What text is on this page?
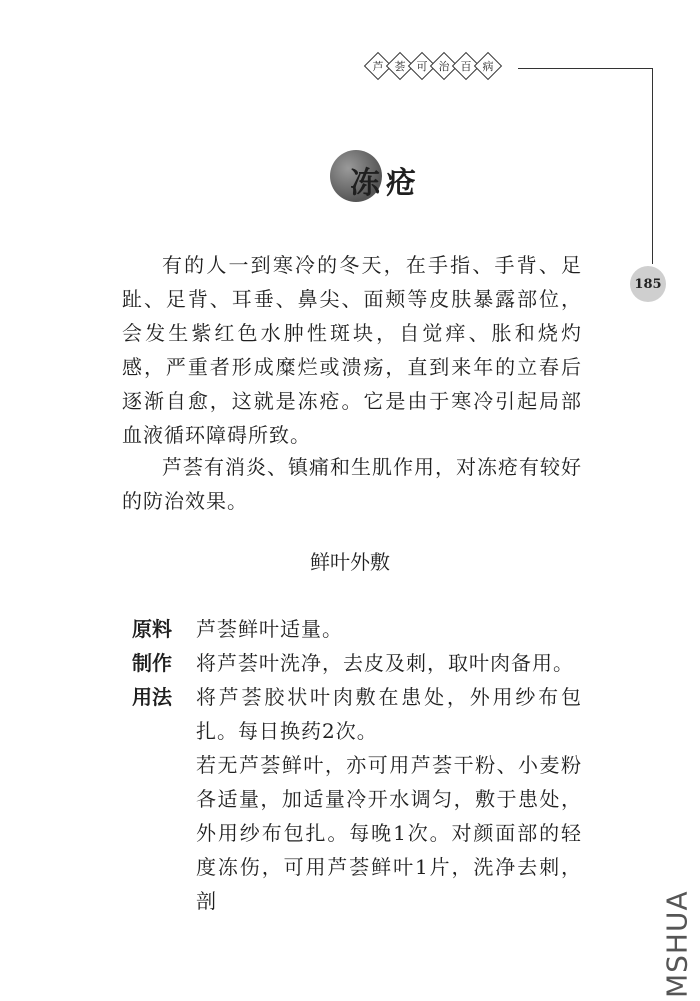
芦 荟 可 治 百 病
185
冻疮
有的人一到寒冷的冬天，在手指、手背、足趾、足背、耳垂、鼻尖、面颊等皮肤暴露部位，会发生紫红色水肿性斑块，自觉痒、胀和烧灼感，严重者形成糜烂或溃疡，直到来年的立春后逐渐自愈，这就是冻疮。它是由于寒冷引起局部血液循环障碍所致。
芦荟有消炎、镇痛和生肌作用，对冻疮有较好的防治效果。
鲜叶外敷
原料 芦荟鲜叶适量。
制作 将芦荟叶洗净，去皮及刺，取叶肉备用。
用法 将芦荟胶状叶肉敷在患处，外用纱布包扎。每日换药2次。
若无芦荟鲜叶，亦可用芦荟干粉、小麦粉各适量，加适量冷开水调匀，敷于患处，外用纱布包扎。每晚1次。对颜面部的轻度冻伤，可用芦荟鲜叶1片，洗净去刺，剖	MSHUA
